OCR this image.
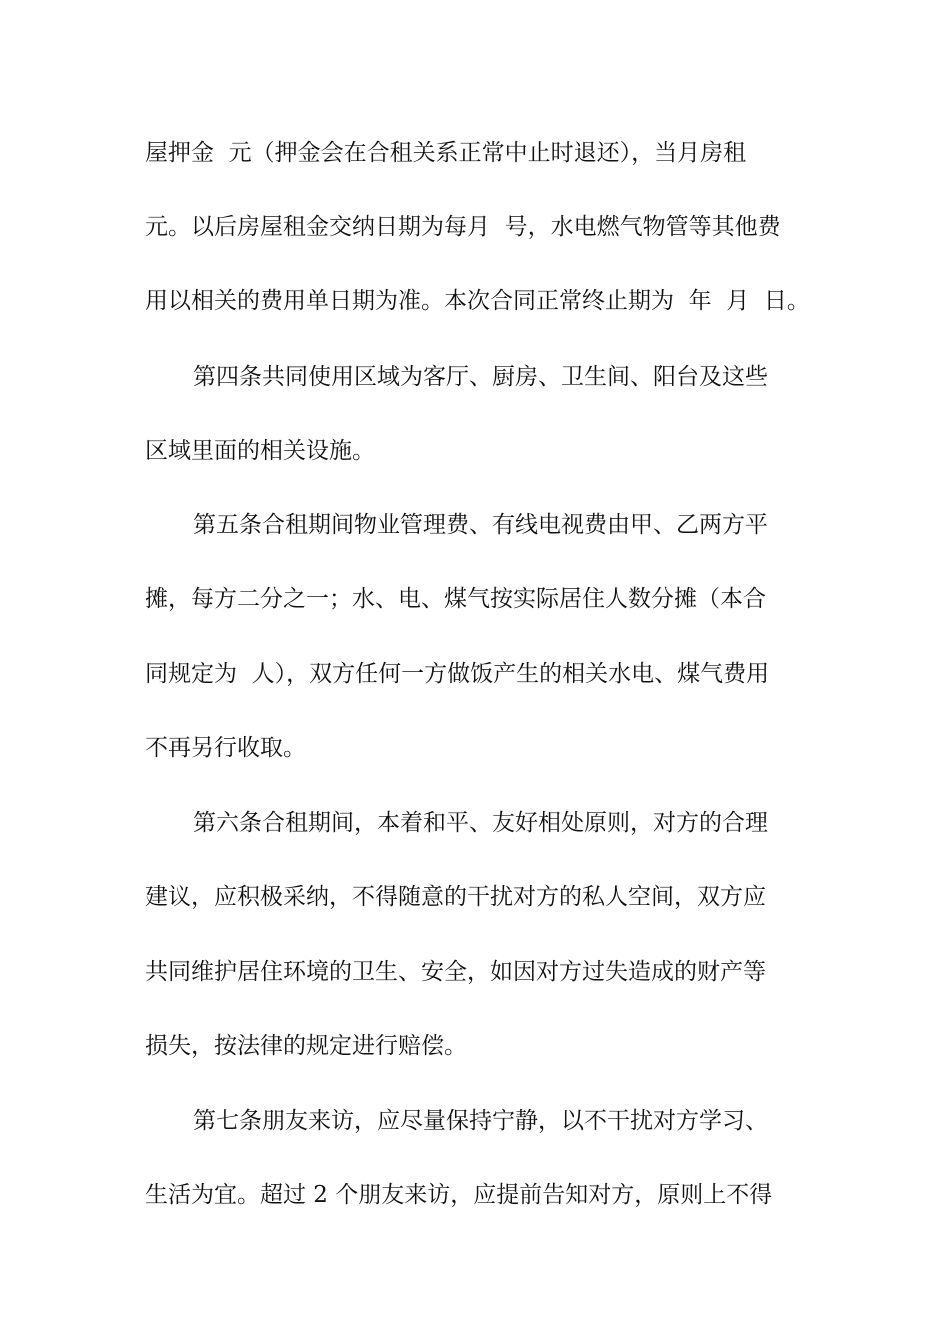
屋押金  元（押金会在合租关系正常中止时退还），当月房租
元。以后房屋租金交纳日期为每月  号，水电燃气物管等其他费
用以相关的费用单日期为准。本次合同正常终止期为  年  月  日。
第四条共同使用区域为客厅、厨房、卫生间、阳台及这些
区域里面的相关设施。
第五条合租期间物业管理费、有线电视费由甲、乙两方平
摊，每方二分之一；水、电、煤气按实际居住人数分摊（本合
同规定为  人），双方任何一方做饭产生的相关水电、煤气费用
不再另行收取。
第六条合租期间，本着和平、友好相处原则，对方的合理
建议，应积极采纳，不得随意的干扰对方的私人空间，双方应
共同维护居住环境的卫生、安全，如因对方过失造成的财产等
损失，按法律的规定进行赔偿。
第七条朋友来访，应尽量保持宁静，以不干扰对方学习、
生活为宜。超过 2 个朋友来访，应提前告知对方，原则上不得
